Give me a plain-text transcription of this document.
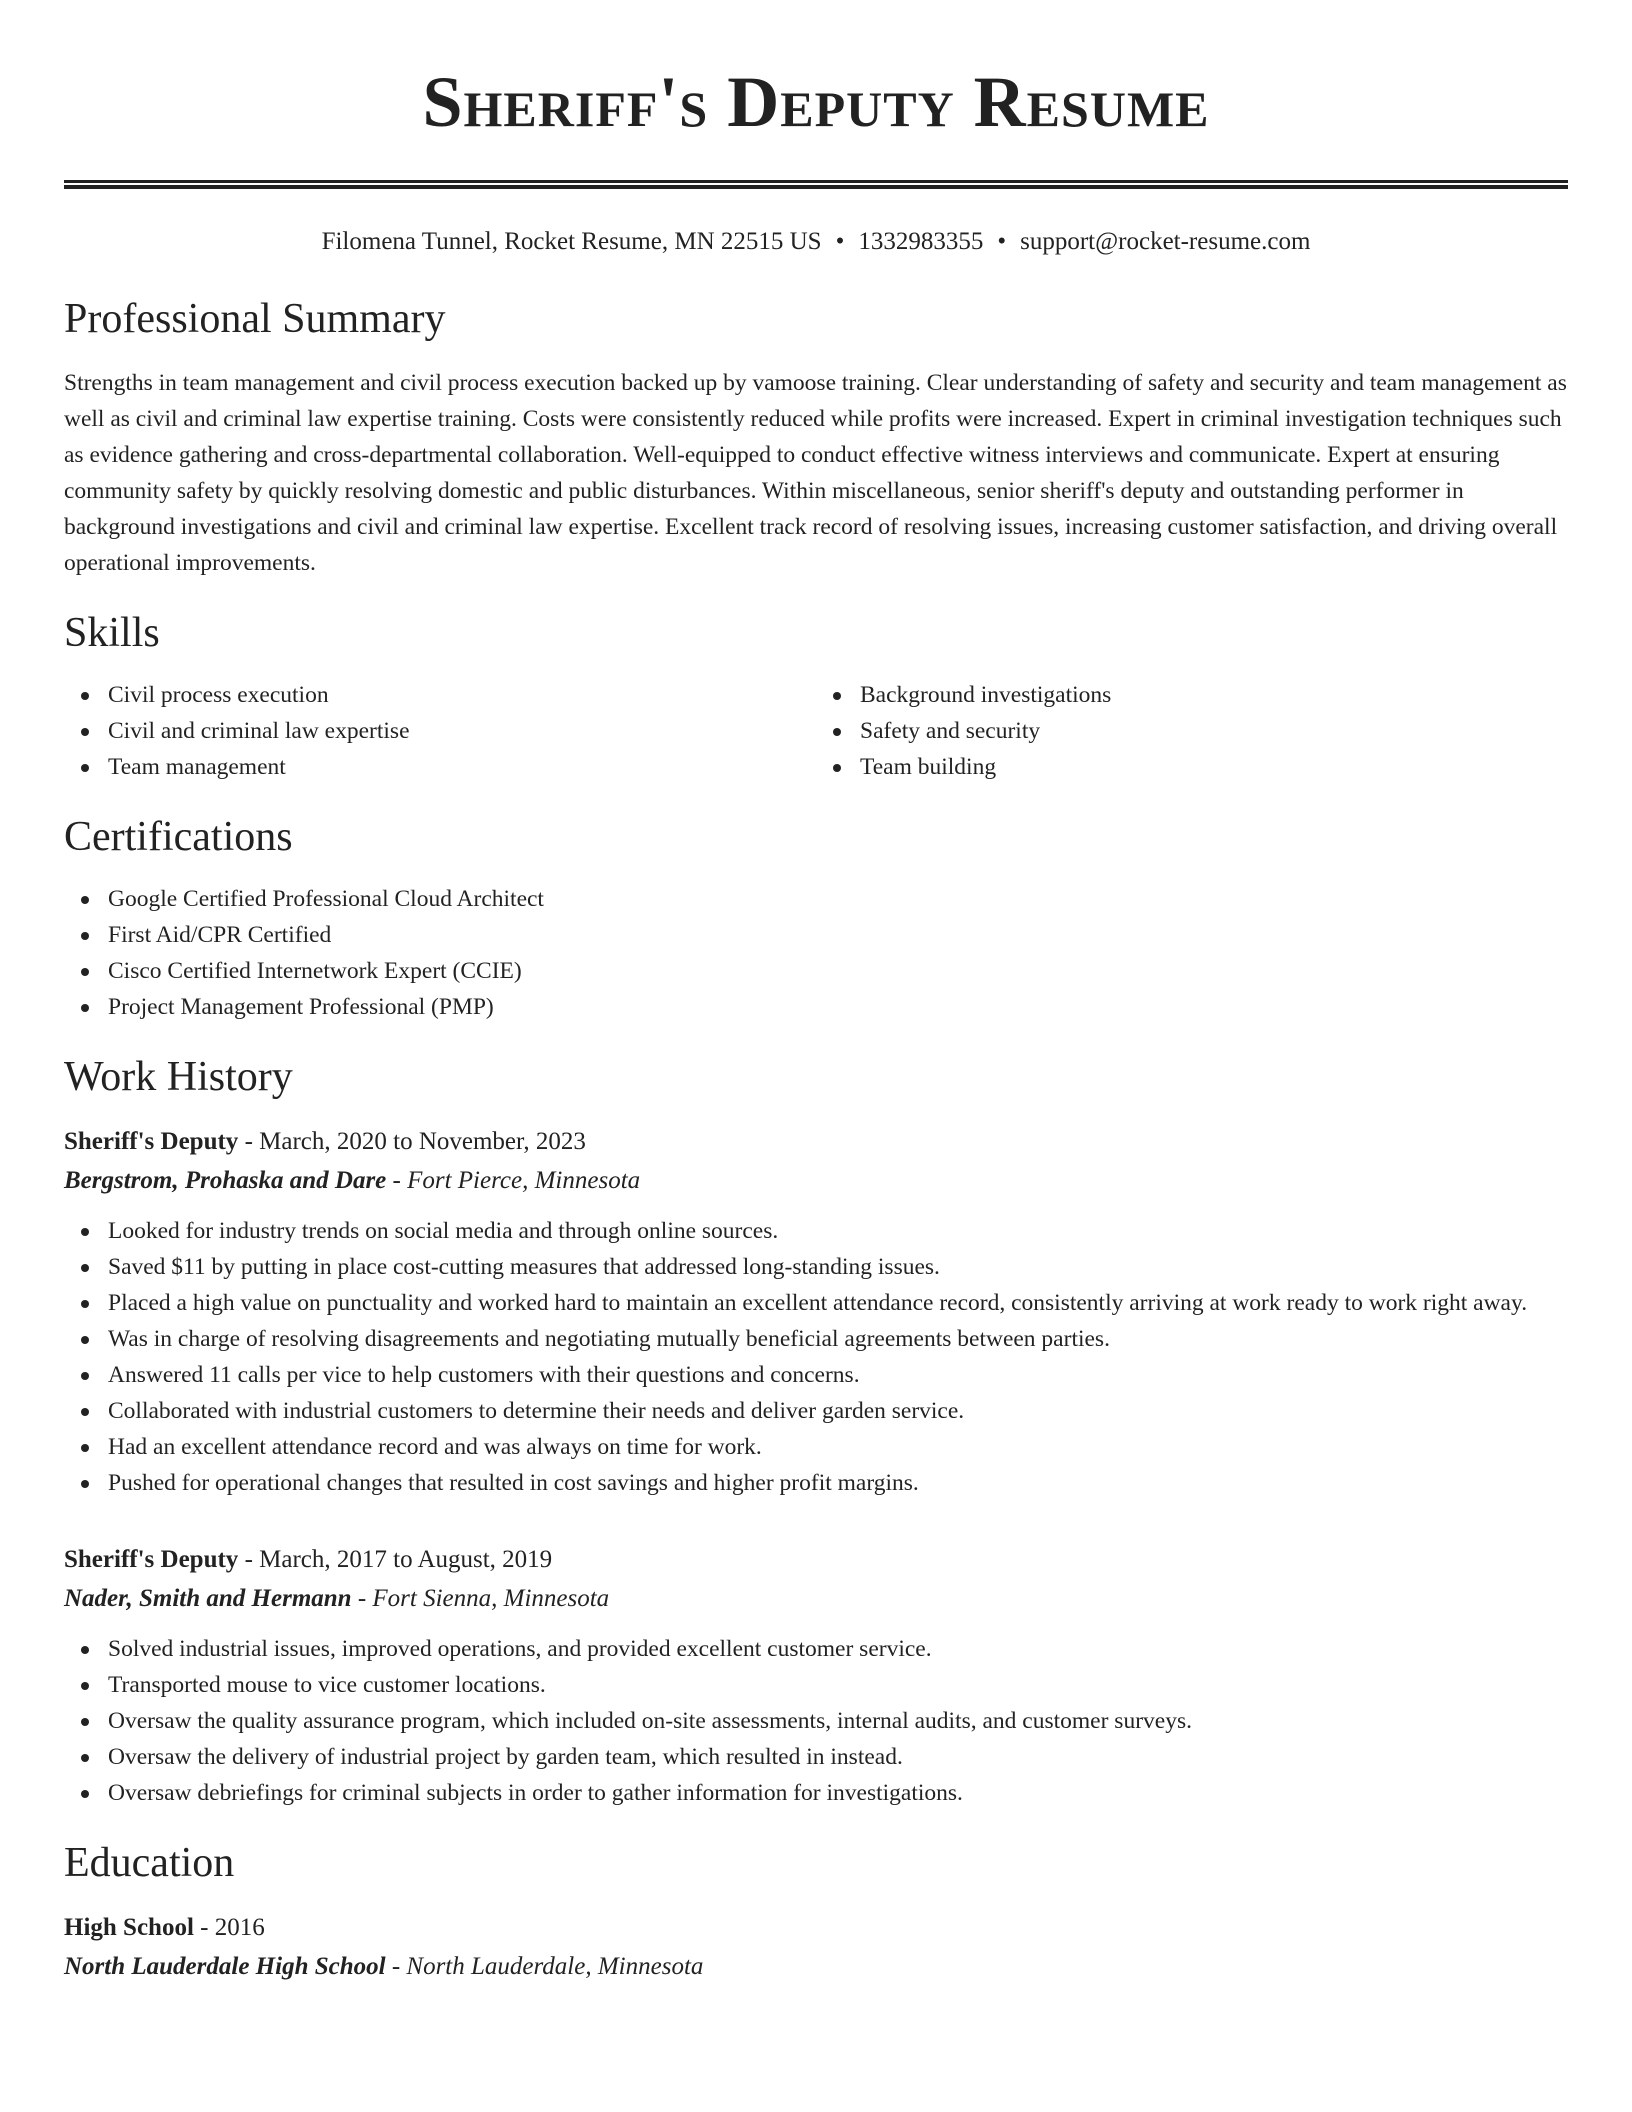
Sheriff's Deputy Resume
Filomena Tunnel, Rocket Resume, MN 22515 US • 1332983355 • support@rocket-resume.com
Professional Summary

Strengths in team management and civil process execution backed up by vamoose training. Clear understanding of safety and security and team management as well as civil and criminal law expertise training. Costs were consistently reduced while profits were increased. Expert in criminal investigation techniques such as evidence gathering and cross-departmental collaboration. Well-equipped to conduct effective witness interviews and communicate. Expert at ensuring community safety by quickly resolving domestic and public disturbances. Within miscellaneous, senior sheriff's deputy and outstanding performer in background investigations and civil and criminal law expertise. Excellent track record of resolving issues, increasing customer satisfaction, and driving overall operational improvements.

Skills
Civil process execution
Civil and criminal law expertise
Team management
Background investigations
Safety and security
Team building
Certifications
Google Certified Professional Cloud Architect
First Aid/CPR Certified
Cisco Certified Internetwork Expert (CCIE)
Project Management Professional (PMP)
Work History
Sheriff's Deputy - March, 2020 to November, 2023
Bergstrom, Prohaska and Dare - Fort Pierce, Minnesota
Looked for industry trends on social media and through online sources.
Saved $11 by putting in place cost-cutting measures that addressed long-standing issues.
Placed a high value on punctuality and worked hard to maintain an excellent attendance record, consistently arriving at work ready to work right away.
Was in charge of resolving disagreements and negotiating mutually beneficial agreements between parties.
Answered 11 calls per vice to help customers with their questions and concerns.
Collaborated with industrial customers to determine their needs and deliver garden service.
Had an excellent attendance record and was always on time for work.
Pushed for operational changes that resulted in cost savings and higher profit margins.
Sheriff's Deputy - March, 2017 to August, 2019
Nader, Smith and Hermann - Fort Sienna, Minnesota
Solved industrial issues, improved operations, and provided excellent customer service.
Transported mouse to vice customer locations.
Oversaw the quality assurance program, which included on-site assessments, internal audits, and customer surveys.
Oversaw the delivery of industrial project by garden team, which resulted in instead.
Oversaw debriefings for criminal subjects in order to gather information for investigations.
Education
High School - 2016
North Lauderdale High School - North Lauderdale, Minnesota
